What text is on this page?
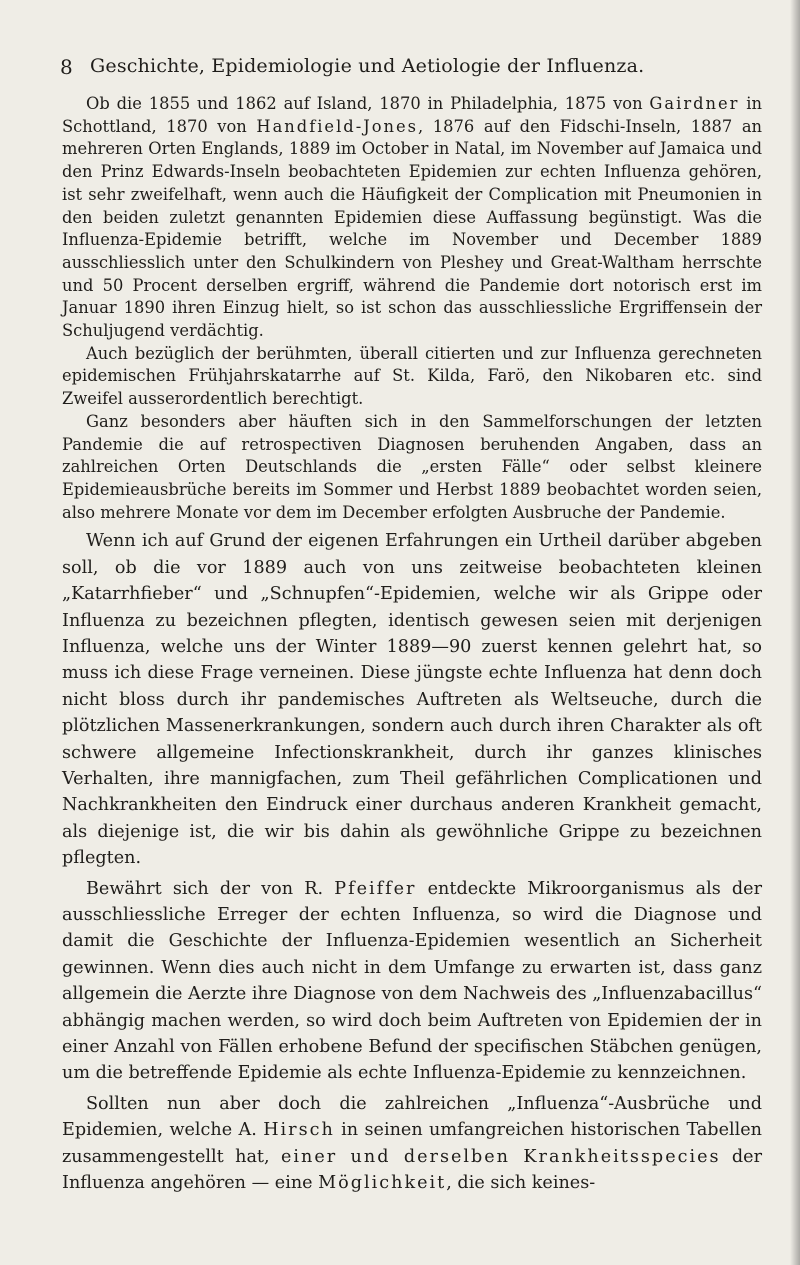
8 Geschichte, Epidemiologie und Aetiologie der Influenza.

Ob die 1855 und 1862 auf Island, 1870 in Philadelphia, 1875 von Gairdner in Schottland, 1870 von Handfield-Jones, 1876 auf den Fidschi-Inseln, 1887 an mehreren Orten Englands, 1889 im October in Natal, im November auf Jamaica und den Prinz Edwards-Inseln beobachteten Epidemien zur echten Influenza gehören, ist sehr zweifelhaft, wenn auch die Häufigkeit der Complication mit Pneumonien in den beiden zuletzt genannten Epidemien diese Auffassung begünstigt. Was die Influenza-Epidemie betrifft, welche im November und December 1889 ausschliesslich unter den Schulkindern von Pleshey und Great-Waltham herrschte und 50 Procent derselben ergriff, während die Pandemie dort notorisch erst im Januar 1890 ihren Einzug hielt, so ist schon das ausschliessliche Ergriffensein der Schuljugend verdächtig.

Auch bezüglich der berühmten, überall citierten und zur Influenza gerechneten epidemischen Frühjahrskatarrhe auf St. Kilda, Farö, den Nikobaren etc. sind Zweifel ausserordentlich berechtigt.

Ganz besonders aber häuften sich in den Sammelforschungen der letzten Pandemie die auf retrospectiven Diagnosen beruhenden Angaben, dass an zahlreichen Orten Deutschlands die „ersten Fälle“ oder selbst kleinere Epidemieausbrüche bereits im Sommer und Herbst 1889 beobachtet worden seien, also mehrere Monate vor dem im December erfolgten Ausbruche der Pandemie.

Wenn ich auf Grund der eigenen Erfahrungen ein Urtheil darüber abgeben soll, ob die vor 1889 auch von uns zeitweise beobachteten kleinen „Katarrhfieber“ und „Schnupfen“-Epidemien, welche wir als Grippe oder Influenza zu bezeichnen pflegten, identisch gewesen seien mit derjenigen Influenza, welche uns der Winter 1889—90 zuerst kennen gelehrt hat, so muss ich diese Frage verneinen. Diese jüngste echte Influenza hat denn doch nicht bloss durch ihr pandemisches Auftreten als Weltseuche, durch die plötzlichen Massenerkrankungen, sondern auch durch ihren Charakter als oft schwere allgemeine Infectionskrankheit, durch ihr ganzes klinisches Verhalten, ihre mannigfachen, zum Theil gefährlichen Complicationen und Nachkrankheiten den Eindruck einer durchaus anderen Krankheit gemacht, als diejenige ist, die wir bis dahin als gewöhnliche Grippe zu bezeichnen pflegten.

Bewährt sich der von R. Pfeiffer entdeckte Mikroorganismus als der ausschliessliche Erreger der echten Influenza, so wird die Diagnose und damit die Geschichte der Influenza-Epidemien wesentlich an Sicherheit gewinnen. Wenn dies auch nicht in dem Umfange zu erwarten ist, dass ganz allgemein die Aerzte ihre Diagnose von dem Nachweis des „Influenzabacillus“ abhängig machen werden, so wird doch beim Auftreten von Epidemien der in einer Anzahl von Fällen erhobene Befund der specifischen Stäbchen genügen, um die betreffende Epidemie als echte Influenza-Epidemie zu kennzeichnen.

Sollten nun aber doch die zahlreichen „Influenza“-Ausbrüche und Epidemien, welche A. Hirsch in seinen umfangreichen historischen Tabellen zusammengestellt hat, einer und derselben Krankheitsspecies der Influenza angehören — eine Möglichkeit, die sich keines-
